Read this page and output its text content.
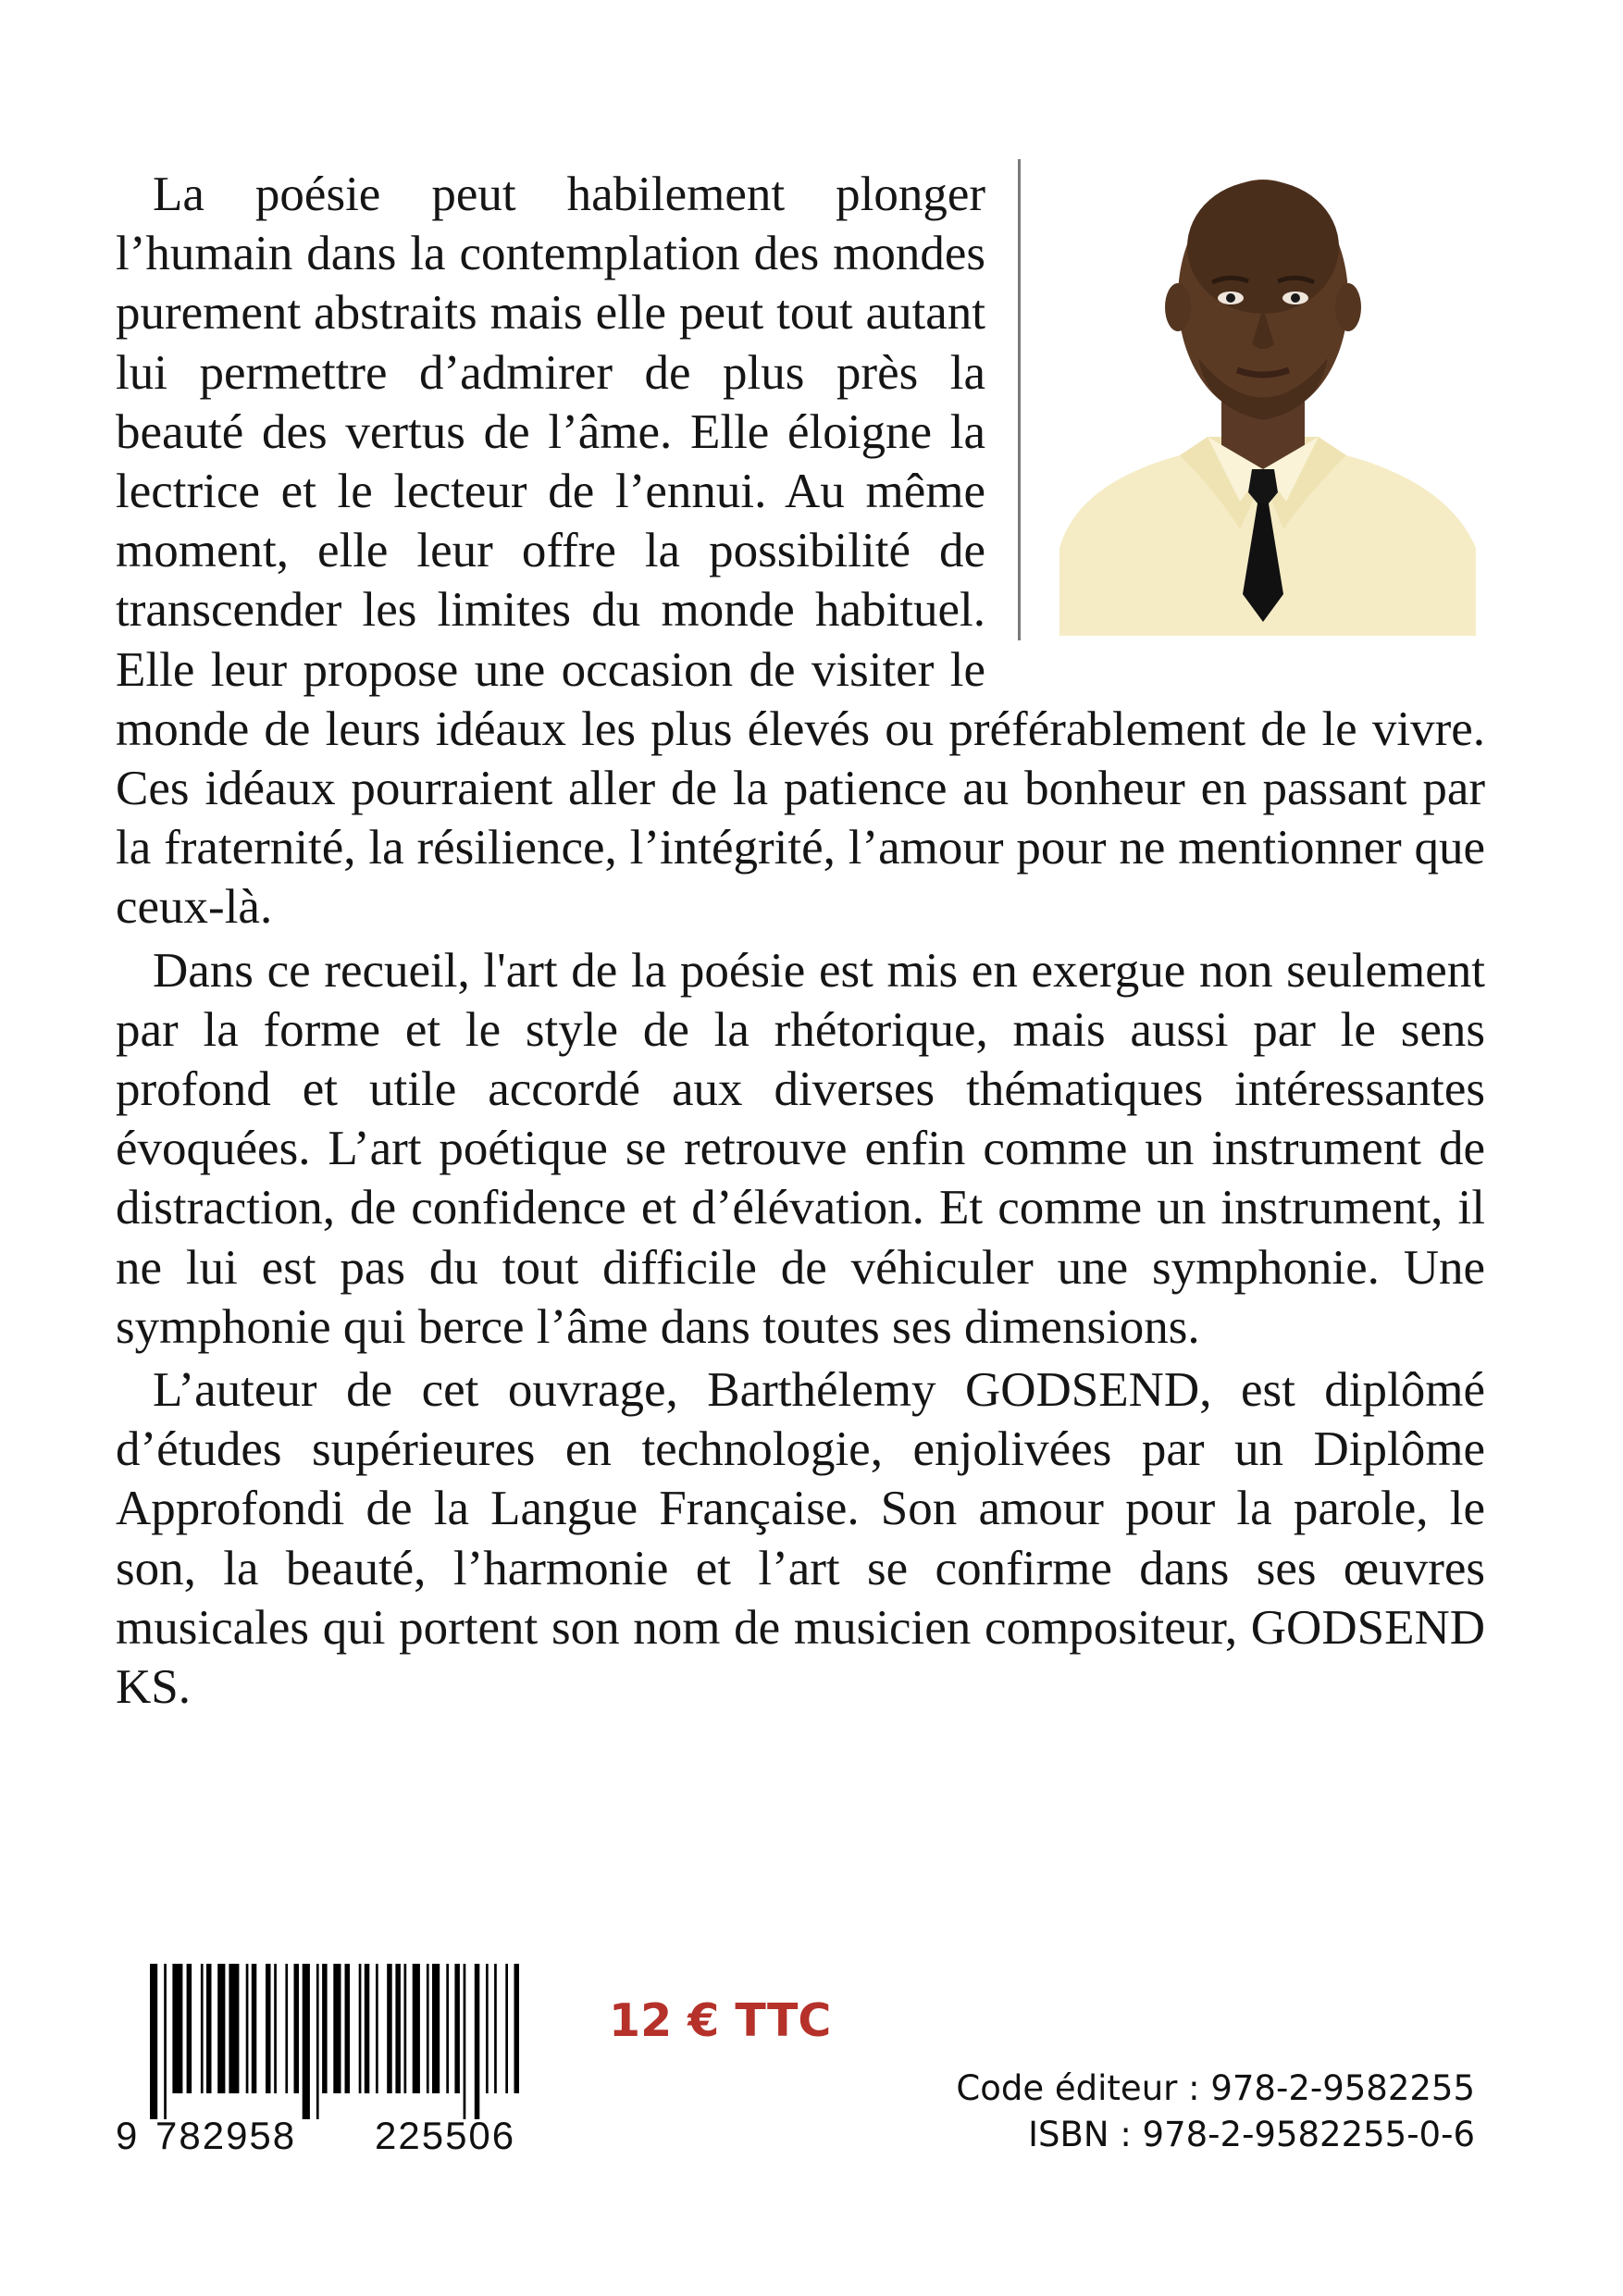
La poésie peut habilement plonger l’humain dans la contemplation des mondes purement abstraits mais elle peut tout autant lui permettre d’admirer de plus près la beauté des vertus de l’âme. Elle éloigne la lectrice et le lecteur de l’ennui. Au même moment, elle leur offre la possibilité de transcender les limites du monde habituel. Elle leur propose une occasion de visiter le monde de leurs idéaux les plus élevés ou préférablement de le vivre. Ces idéaux pourraient aller de la patience au bonheur en passant par la fraternité, la résilience, l’intégrité, l’amour pour ne mentionner que ceux-là.

Dans ce recueil, l'art de la poésie est mis en exergue non seulement par la forme et le style de la rhétorique, mais aussi par le sens profond et utile accordé aux diverses thématiques intéressantes évoquées. L’art poétique se retrouve enfin comme un instrument de distraction, de confidence et d’élévation. Et comme un instrument, il ne lui est pas du tout difficile de véhiculer une symphonie. Une symphonie qui berce l’âme dans toutes ses dimensions.

L’auteur de cet ouvrage, Barthélemy GODSEND, est diplômé d’études supérieures en technologie, enjolivées par un Diplôme Approfondi de la Langue Française. Son amour pour la parole, le son, la beauté, l’harmonie et l’art se confirme dans ses œuvres musicales qui portent son nom de musicien compositeur, GODSEND KS.

9 782958 225506
12 € TTC
Code éditeur : 978-2-9582255
ISBN : 978-2-9582255-0-6
